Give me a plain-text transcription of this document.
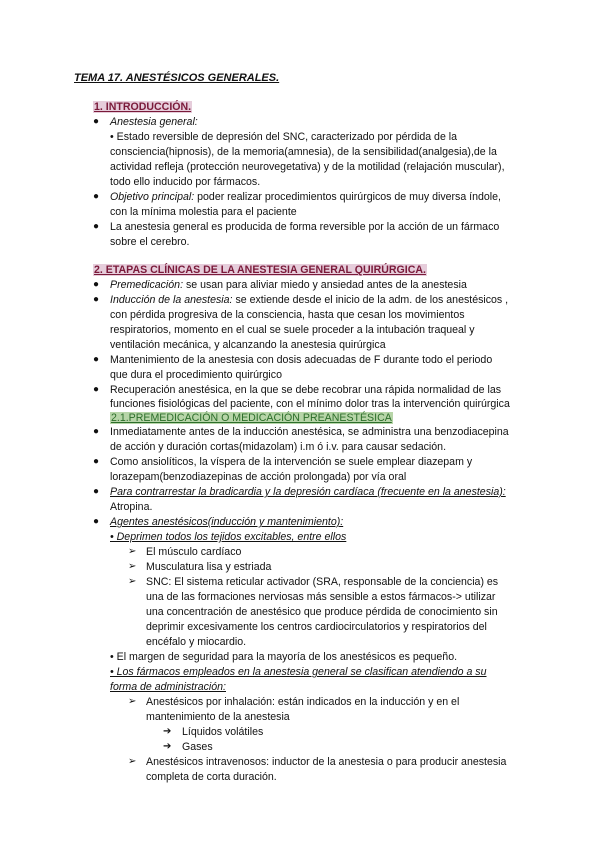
TEMA 17. ANESTÉSICOS GENERALES.
1. INTRODUCCIÓN.
● Anestesia general:
• Estado reversible de depresión del SNC, caracterizado por pérdida de la
consciencia(hipnosis), de la memoria(amnesia), de la sensibilidad(analgesia),de la
actividad refleja (protección neurovegetativa) y de la motilidad (relajación muscular),
todo ello inducido por fármacos.
● Objetivo principal: poder realizar procedimientos quirúrgicos de muy diversa índole,
con la mínima molestia para el paciente
● La anestesia general es producida de forma reversible por la acción de un fármaco
sobre el cerebro.
2. ETAPAS CLÍNICAS DE LA ANESTESIA GENERAL QUIRÚRGICA.
● Premedicación: se usan para aliviar miedo y ansiedad antes de la anestesia
● Inducción de la anestesia: se extiende desde el inicio de la adm. de los anestésicos ,
con pérdida progresiva de la consciencia, hasta que cesan los movimientos
respiratorios, momento en el cual se suele proceder a la intubación traqueal y
ventilación mecánica, y alcanzando la anestesia quirúrgica
● Mantenimiento de la anestesia con dosis adecuadas de F durante todo el periodo
que dura el procedimiento quirúrgico
● Recuperación anestésica, en la que se debe recobrar una rápida normalidad de las
funciones fisiológicas del paciente, con el mínimo dolor tras la intervención quirúrgica
2.1.PREMEDICACIÓN O MEDICACIÓN PREANESTÉSICA
● Inmediatamente antes de la inducción anestésica, se administra una benzodiacepina
de acción y duración cortas(midazolam) i.m ó i.v. para causar sedación.
● Como ansiolíticos, la víspera de la intervención se suele emplear diazepam y
lorazepam(benzodiazepinas de acción prolongada) por vía oral
● Para contrarrestar la bradicardia y la depresión cardíaca (frecuente en la anestesia):
Atropina.
● Agentes anestésicos(inducción y mantenimiento):
• Deprimen todos los tejidos excitables, entre ellos
➢ El músculo cardíaco
➢ Musculatura lisa y estriada
➢ SNC: El sistema reticular activador (SRA, responsable de la conciencia) es
una de las formaciones nerviosas más sensible a estos fármacos-> utilizar
una concentración de anestésico que produce pérdida de conocimiento sin
deprimir excesivamente los centros cardiocirculatorios y respiratorios del
encéfalo y miocardio.
• El margen de seguridad para la mayoría de los anestésicos es pequeño.
• Los fármacos empleados en la anestesia general se clasifican atendiendo a su
forma de administración:
➢ Anestésicos por inhalación: están indicados en la inducción y en el
mantenimiento de la anestesia
➔ Líquidos volátiles
➔ Gases
➢ Anestésicos intravenosos: inductor de la anestesia o para producir anestesia
completa de corta duración.
